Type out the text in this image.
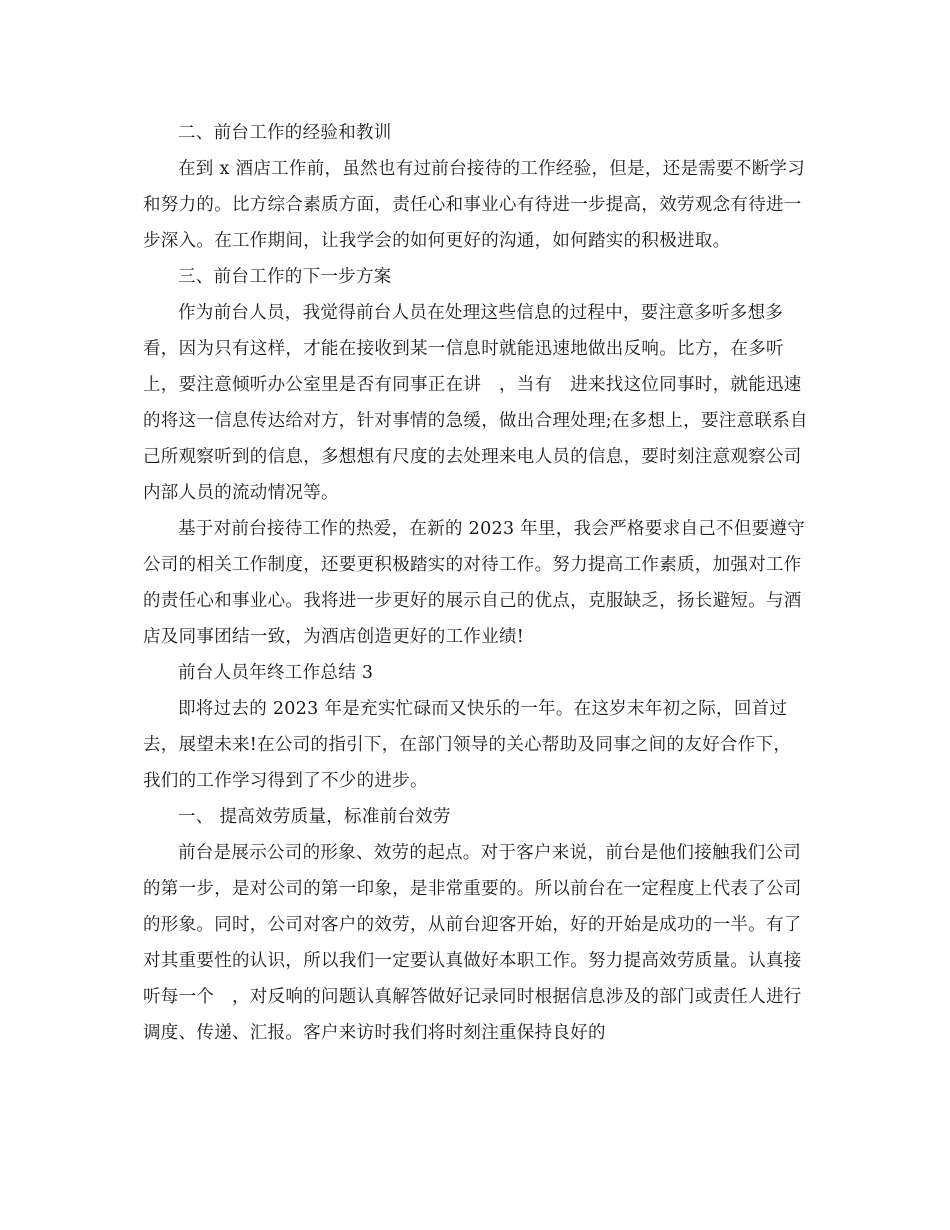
二、前台工作的经验和教训

在到 x 酒店工作前，虽然也有过前台接待的工作经验，但是，还是需要不断学习和努力的。比方综合素质方面，责任心和事业心有待进一步提高，效劳观念有待进一步深入。在工作期间，让我学会的如何更好的沟通，如何踏实的积极进取。

三、前台工作的下一步方案

作为前台人员，我觉得前台人员在处理这些信息的过程中，要注意多听多想多看，因为只有这样，才能在接收到某一信息时就能迅速地做出反响。比方，在多听上，要注意倾听办公室里是否有同事正在讲　，当有　进来找这位同事时，就能迅速的将这一信息传达给对方，针对事情的急缓，做出合理处理;在多想上，要注意联系自己所观察听到的信息，多想想有尺度的去处理来电人员的信息，要时刻注意观察公司内部人员的流动情况等。

基于对前台接待工作的热爱，在新的 2023 年里，我会严格要求自己不但要遵守公司的相关工作制度，还要更积极踏实的对待工作。努力提高工作素质，加强对工作的责任心和事业心。我将进一步更好的展示自己的优点，克服缺乏，扬长避短。与酒店及同事团结一致，为酒店创造更好的工作业绩!

前台人员年终工作总结 3

即将过去的 2023 年是充实忙碌而又快乐的一年。在这岁末年初之际，回首过去，展望未来!在公司的指引下，在部门领导的关心帮助及同事之间的友好合作下，我们的工作学习得到了不少的进步。

一、 提高效劳质量，标准前台效劳

前台是展示公司的形象、效劳的起点。对于客户来说，前台是他们接触我们公司的第一步，是对公司的第一印象，是非常重要的。所以前台在一定程度上代表了公司的形象。同时，公司对客户的效劳，从前台迎客开始，好的开始是成功的一半。有了对其重要性的认识，所以我们一定要认真做好本职工作。努力提高效劳质量。认真接听每一个　，对反响的问题认真解答做好记录同时根据信息涉及的部门或责任人进行调度、传递、汇报。客户来访时我们将时刻注重保持良好的
